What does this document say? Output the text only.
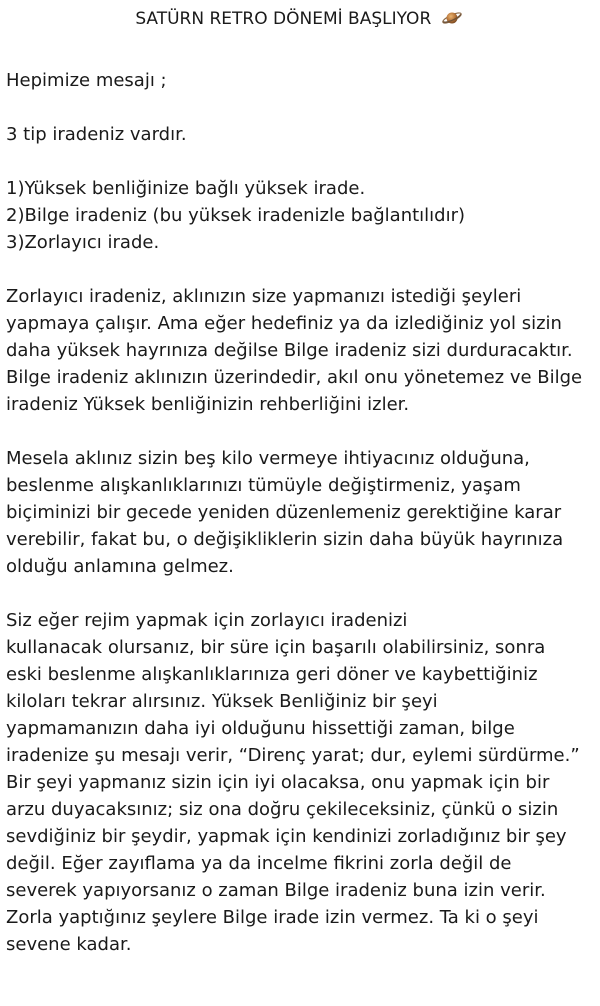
SATÜRN RETRO DÖNEMİ BAŞLIYOR
Hepimize mesajı ;
3 tip iradeniz vardır.
1)Yüksek benliğinize bağlı yüksek irade.
2)Bilge iradeniz (bu yüksek iradenizle bağlantılıdır)
3)Zorlayıcı irade.
Zorlayıcı iradeniz, aklınızın size yapmanızı istediği şeyleri
yapmaya çalışır. Ama eğer hedefiniz ya da izlediğiniz yol sizin
daha yüksek hayrınıza değilse Bilge iradeniz sizi durduracaktır.
Bilge iradeniz aklınızın üzerindedir, akıl onu yönetemez ve Bilge
iradeniz Yüksek benliğinizin rehberliğini izler.
Mesela aklınız sizin beş kilo vermeye ihtiyacınız olduğuna,
beslenme alışkanlıklarınızı tümüyle değiştirmeniz, yaşam
biçiminizi bir gecede yeniden düzenlemeniz gerektiğine karar
verebilir, fakat bu, o değişikliklerin sizin daha büyük hayrınıza
olduğu anlamına gelmez.
Siz eğer rejim yapmak için zorlayıcı iradenizi
kullanacak olursanız, bir süre için başarılı olabilirsiniz, sonra
eski beslenme alışkanlıklarınıza geri döner ve kaybettiğiniz
kiloları tekrar alırsınız. Yüksek Benliğiniz bir şeyi
yapmamanızın daha iyi olduğunu hissettiği zaman, bilge
iradenize şu mesajı verir, “Direnç yarat; dur, eylemi sürdürme.”
Bir şeyi yapmanız sizin için iyi olacaksa, onu yapmak için bir
arzu duyacaksınız; siz ona doğru çekileceksiniz, çünkü o sizin
sevdiğiniz bir şeydir, yapmak için kendinizi zorladığınız bir şey
değil. Eğer zayıflama ya da incelme fikrini zorla değil de
severek yapıyorsanız o zaman Bilge iradeniz buna izin verir.
Zorla yaptığınız şeylere Bilge irade izin vermez. Ta ki o şeyi
sevene kadar.
